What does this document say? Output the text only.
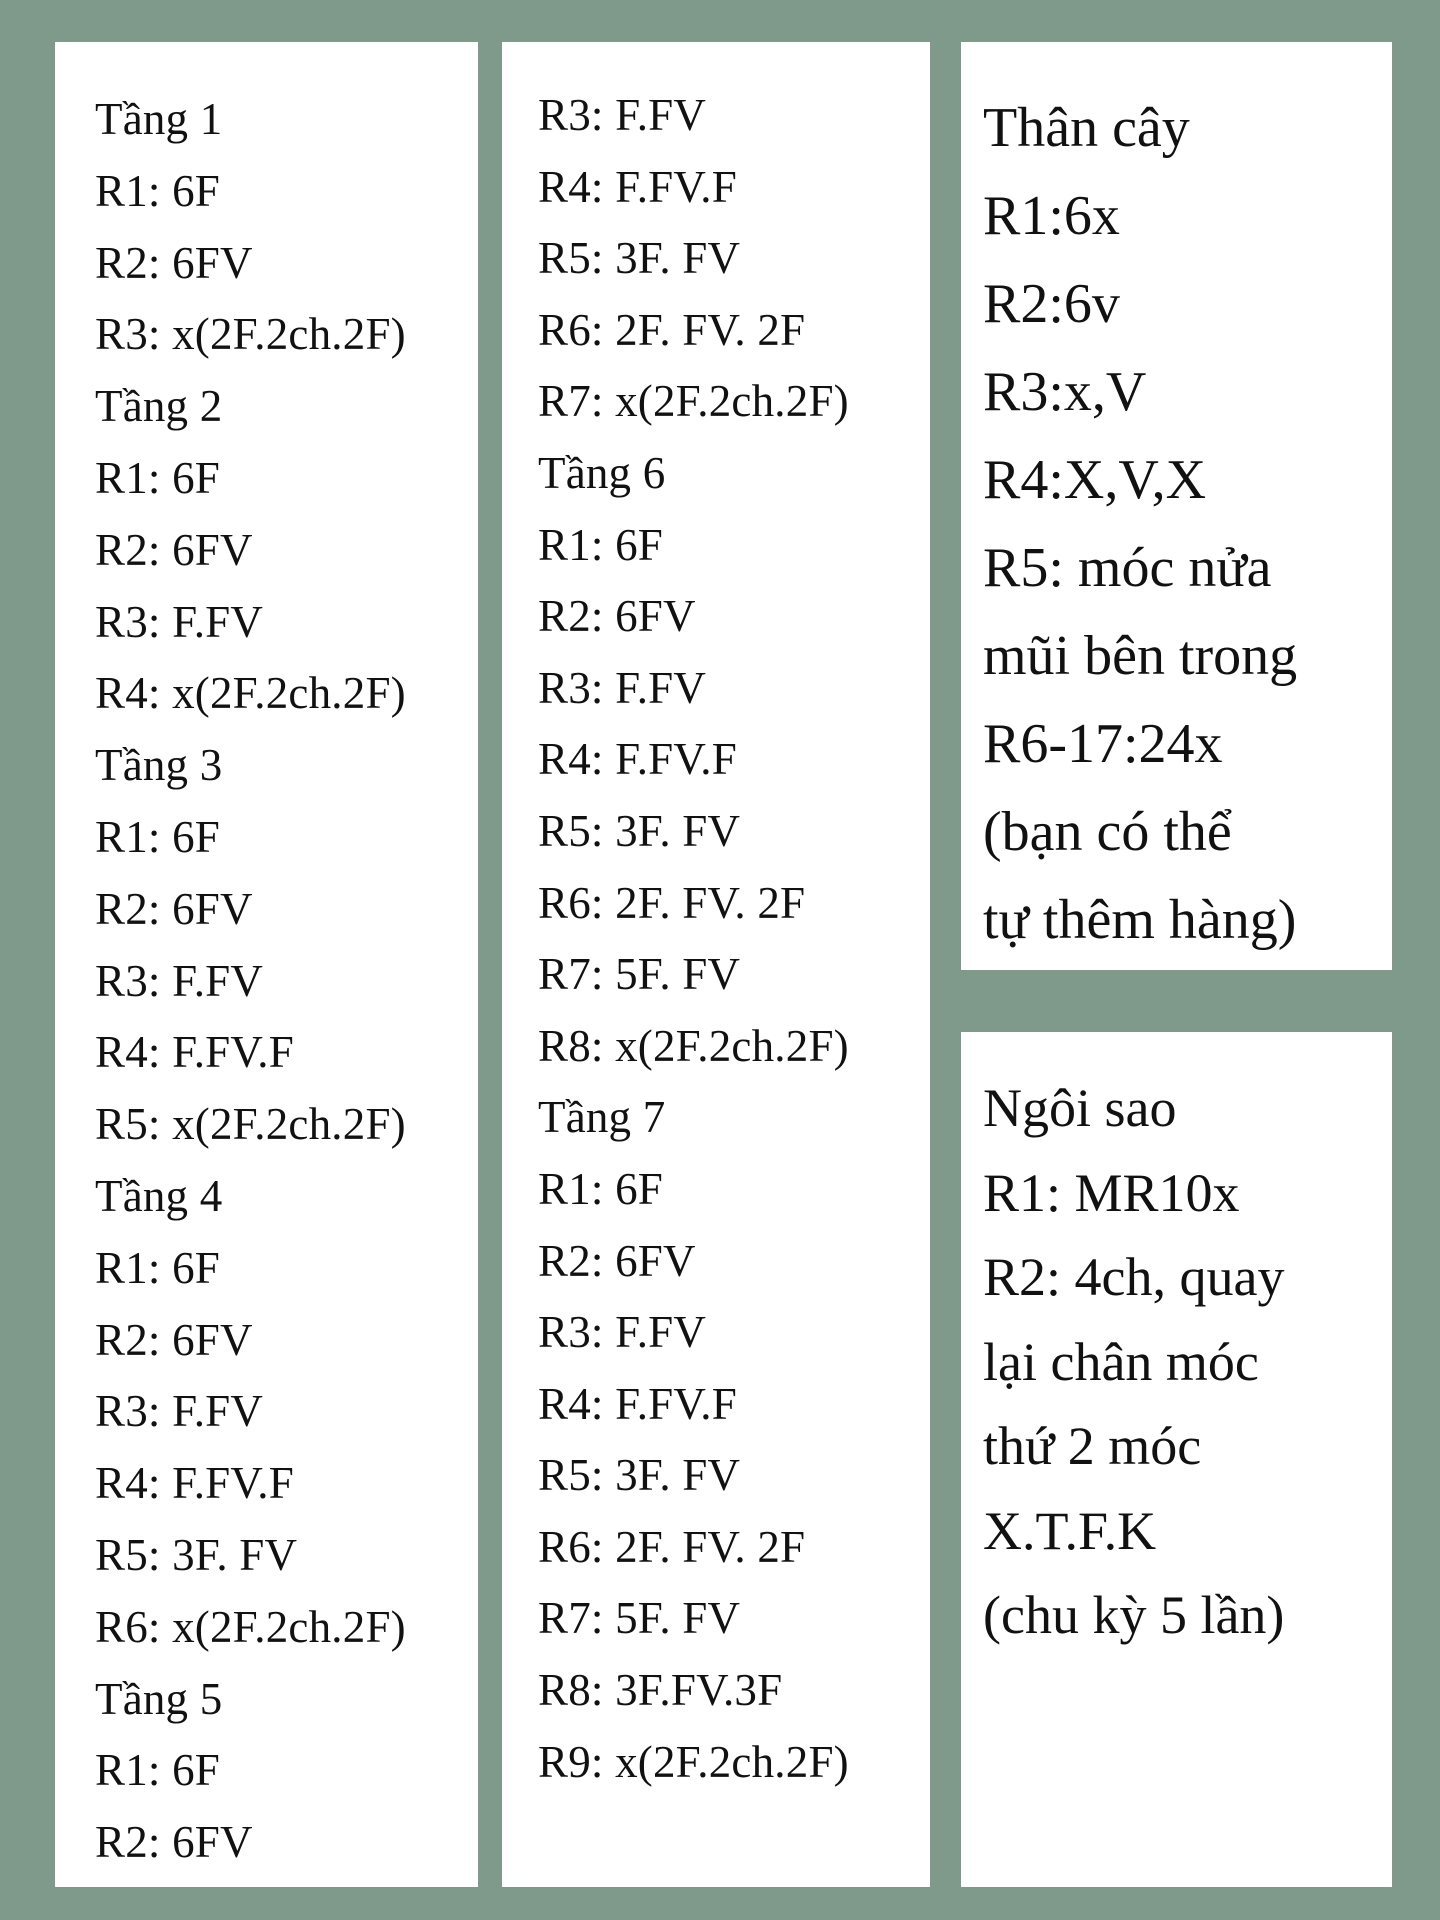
Tầng 1
R1: 6F
R2: 6FV
R3: x(2F.2ch.2F)
Tầng 2
R1: 6F
R2: 6FV
R3: F.FV
R4: x(2F.2ch.2F)
Tầng 3
R1: 6F
R2: 6FV
R3: F.FV
R4: F.FV.F
R5: x(2F.2ch.2F)
Tầng 4
R1: 6F
R2: 6FV
R3: F.FV
R4: F.FV.F
R5: 3F. FV
R6: x(2F.2ch.2F)
Tầng 5
R1: 6F
R2: 6FV
R3: F.FV
R4: F.FV.F
R5: 3F. FV
R6: 2F. FV. 2F
R7: x(2F.2ch.2F)
Tầng 6
R1: 6F
R2: 6FV
R3: F.FV
R4: F.FV.F
R5: 3F. FV
R6: 2F. FV. 2F
R7: 5F. FV
R8: x(2F.2ch.2F)
Tầng 7
R1: 6F
R2: 6FV
R3: F.FV
R4: F.FV.F
R5: 3F. FV
R6: 2F. FV. 2F
R7: 5F. FV
R8: 3F.FV.3F
R9: x(2F.2ch.2F)
Thân cây
R1:6x
R2:6v
R3:x,V
R4:X,V,X
R5: móc nửa
mũi bên trong
R6-17:24x
(bạn có thể
tự thêm hàng)
Ngôi sao
R1: MR10x
R2: 4ch, quay
lại chân móc
thứ 2 móc
X.T.F.K
(chu kỳ 5 lần)
